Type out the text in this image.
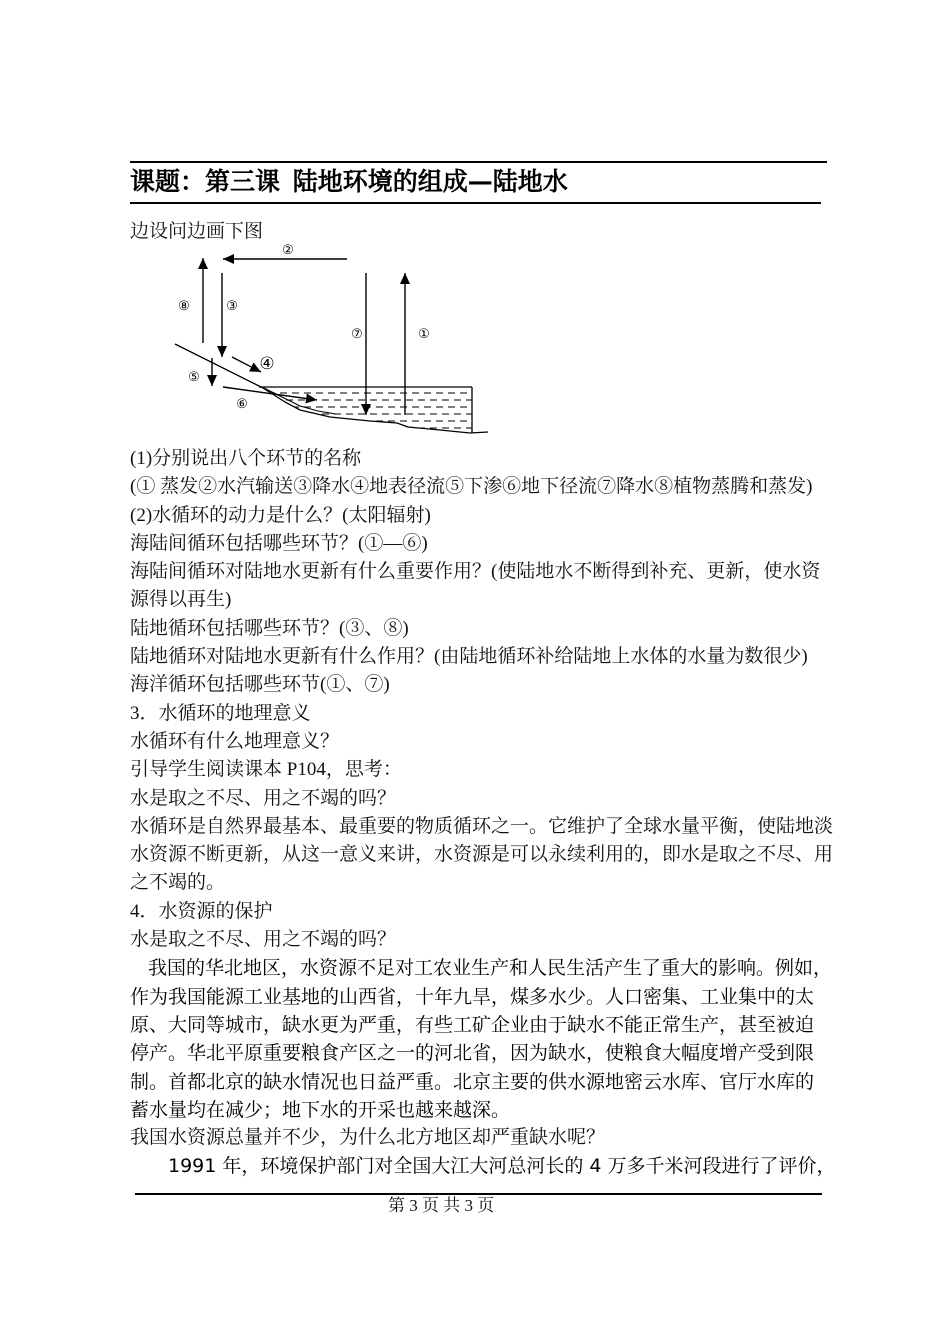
课题：第三课 陆地环境的组成—陆地水
边设问边画下图
②
⑧	③
⑦	①
④
⑤
⑥
(1)分别说出八个环节的名称
(① 蒸发②水汽输送③降水④地表径流⑤下渗⑥地下径流⑦降水⑧植物蒸腾和蒸发)
(2)水循环的动力是什么？(太阳辐射)
海陆间循环包括哪些环节？(①—⑥)
海陆间循环对陆地水更新有什么重要作用？(使陆地水不断得到补充、更新，使水资
源得以再生)
陆地循环包括哪些环节？(③、⑧)
陆地循环对陆地水更新有什么作用？(由陆地循环补给陆地上水体的水量为数很少)
海洋循环包括哪些环节(①、⑦)
3．水循环的地理意义
水循环有什么地理意义？
引导学生阅读课本 P104，思考：
水是取之不尽、用之不竭的吗？
水循环是自然界最基本、最重要的物质循环之一。它维护了全球水量平衡，使陆地淡
水资源不断更新，从这一意义来讲，水资源是可以永续利用的，即水是取之不尽、用
之不竭的。
4．水资源的保护
水是取之不尽、用之不竭的吗？
我国的华北地区，水资源不足对工农业生产和人民生活产生了重大的影响。例如，
作为我国能源工业基地的山西省，十年九旱，煤多水少。人口密集、工业集中的太
原、大同等城市，缺水更为严重，有些工矿企业由于缺水不能正常生产，甚至被迫
停产。华北平原重要粮食产区之一的河北省，因为缺水，使粮食大幅度增产受到限
制。首都北京的缺水情况也日益严重。北京主要的供水源地密云水库、官厅水库的
蓄水量均在减少；地下水的开采也越来越深。
我国水资源总量并不少，为什么北方地区却严重缺水呢？
1991 年，环境保护部门对全国大江大河总河长的 4 万多千米河段进行了评价，
第 3 页 共 3 页
